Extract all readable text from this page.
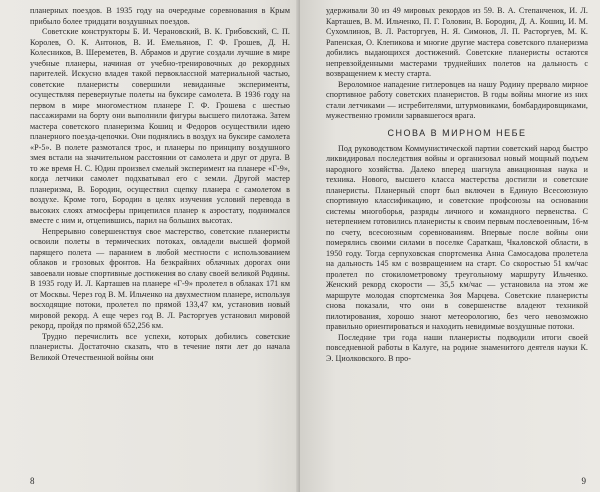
планерных поездов. В 1935 году на очередные соревнования в Крым прибыло более тридцати воздушных поездов.

Советские конструкторы Б. И. Черановский, В. К. Грибовский, С. П. Королев, О. К. Антонов, В. И. Емельянов, Г. Ф. Грошев, Д. Н. Колесников, В. Шереметев, В. Абрамов и другие создали лучшие в мире учебные планеры, начиная от учебно-тренировочных до рекордных парителей. Искусно владея такой первоклассной материальной частью, советские планеристы совершили невиданные эксперименты, осуществляя перевернутые полеты на буксире самолета. В 1936 году на первом в мире многоместном планере Г. Ф. Грошева с шестью пассажирами на борту они выполнили фигуры высшего пилотажа. Затем мастера советского планеризма Кошиц и Федоров осуществили идею планерного поезда-цепочки. Они поднялись в воздух на буксире самолета «Р-5». В полете размотался трос, и планеры по принципу воздушного змея встали на значительном расстоянии от самолета и друг от друга. В то же время Н. С. Юдин произвел смелый эксперимент на планере «Г-9», когда летчики самолет подхватывал его с земли. Другой мастер планеризма, В. Бородин, осуществил сцепку планера с самолетом в воздухе. Кроме того, Бородин в целях изучения условий перевода в высоких слоях атмосферы прицепился планер к аэростату, поднимался вместе с ним и, отцепившись, парил на больших высотах.

Непрерывно совершенствуя свое мастерство, советские планеристы освоили полеты в термических потоках, овладели высшей формой парящего полета — паранием в любой местности с использованием облаков и грозовых фронтов. На безкрайних облачных дорогах они завоевали новые спортивные достижения во славу своей великой Родины. В 1935 году И. Л. Карташев на планере «Г-9» пролетел в облаках 171 км от Москвы. Через год В. М. Ильченко на двухместном планере, используя восходящие потоки, пролетел по прямой 133,47 км, установив новый мировой рекорд. А еще через год В. Л. Расторгуев установил мировой рекорд, пройдя по прямой 652,256 км.

Трудно перечислить все успехи, которых добились советские планеристы. Достаточно сказать, что в течение пяти лет до начала Великой Отечественной войны они

8

удерживали 30 из 49 мировых рекордов из 59. В. А. Степанченок, И. Л. Карташев, В. М. Ильченко, П. Г. Головин, В. Бородин, Д. А. Кошиц, И. М. Сухомлинов, В. Л. Расторгуев, Н. Я. Симонов, Л. П. Расторгуев, М. К. Рапенская, О. Клепикова и многие другие мастера советского планеризма добились выдающихся достижений. Советские планеристы остаются непревзойденными мастерами труднейших полетов на дальность с возвращением к месту старта.

Вероломное нападение гитлеровцев на нашу Родину прервало мирное спортивное работу советских планеристов. В годы войны многие из них стали летчиками — истребителями, штурмовиками, бомбардировщиками, мужественно громили зарвавшегося врага.

СНОВА В МИРНОМ НЕБЕ

Под руководством Коммунистической партии советский народ быстро ликвидировал последствия войны и организовал новый мощный подъем народного хозяйства. Далеко вперед шагнула авиационная наука и техника. Нового, высшего класса мастерства достигли и советские планеристы. Планерный спорт был включен в Единую Всесоюзную спортивную классификацию, и советские профсоюзы на основании системы многоборья, разряды личного и командного первенства. С нетерпением готовились планеристы к своим первым послевоенным, 16-м по счету, всесоюзным соревнованиям. Впервые после войны они померялись своими силами в поселке Сараткаш, Чкаловской области, в 1950 году. Тогда серпуховская спортсменка Анна Самосадова пролетела на дальность 145 км с возвращением на старт. Со скоростью 51 км/час пролетел по стокилометровому треугольному маршруту Ильченко. Женский рекорд скорости — 35,5 км/час — установила на этом же маршруте молодая спортсменка Зоя Марцева. Советские планеристы снова показали, что они в совершенстве владеют техникой пилотирования, хорошо знают метеорологию, без чего невозможно правильно ориентироваться и находить невидимые воздушные потоки.

Последние три года наши планеристы подводили итоги своей повседневной работы в Калуге, на родине знаменитого деятеля науки К. Э. Циолковского. В про-

9
